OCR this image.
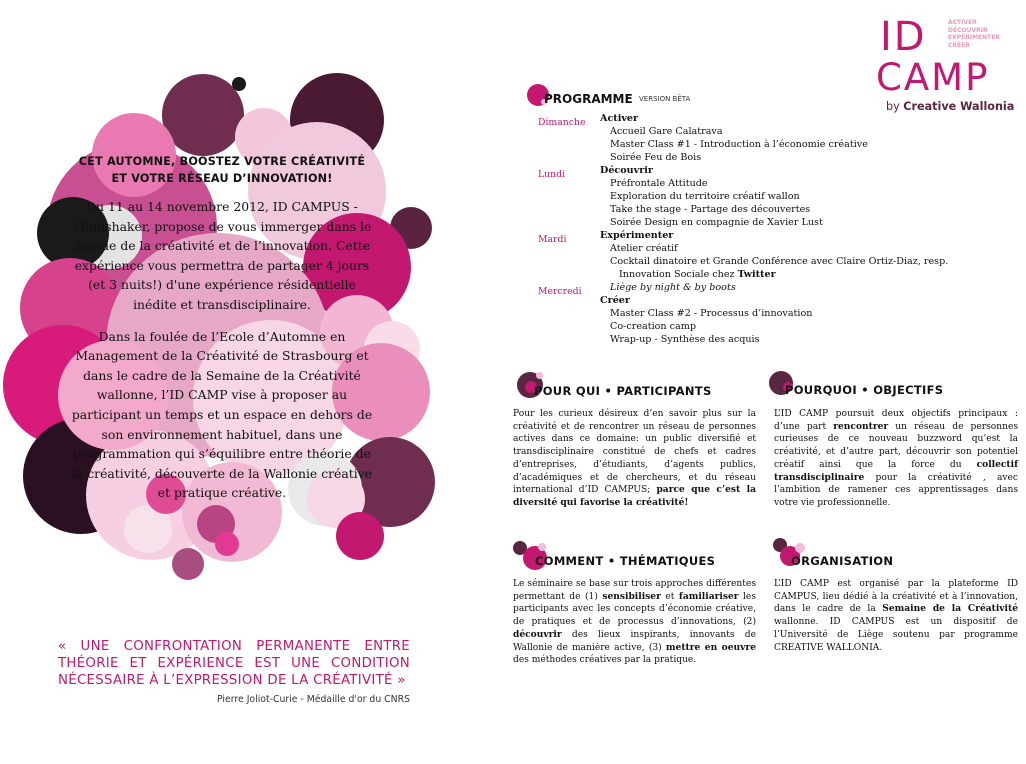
CET AUTOMNE, BOOSTEZ VOTRE CRÉATIVITÉ ET VOTRE RÉSEAU D’INNOVATION!

Du 11 au 14 novembre 2012, ID CAMPUS - Mindshaker, propose de vous immerger dans le monde de la créativité et de l’innovation. Cette expérience vous permettra de partager 4 jours (et 3 nuits!) d'une expérience résidentielle inédite et transdisciplinaire.

Dans la foulée de l’Ecole d’Automne en Management de la Créativité de Strasbourg et dans le cadre de la Semaine de la Créativité wallonne, l’ID CAMP vise à proposer au participant un temps et un espace en dehors de son environnement habituel, dans une programmation qui s’équilibre entre théorie de la créativité, découverte de la Wallonie créative et pratique créative.

« UNE CONFRONTATION PERMANENTE ENTRE THÉORIE ET EXPÉRIENCE EST UNE CONDITION NÉCESSAIRE À L’EXPRESSION DE LA CRÉATIVITÉ »
Pierre Joliot-Curie - Médaille d'or du CNRS
ID	ACTIVER
DÉCOUVRIR
EXPÉRIMENTER
CRÉER
CAMP
by Creative Wallonia
PROGRAMME VERSION BÊTA
Dimanche
Lundi
Mardi
Mercredi
Activer
Accueil Gare Calatrava
Master Class #1 - Introduction à l’économie créative
Soirée Feu de Bois
Découvrir
Préfrontale Attitude
Exploration du territoire créatif wallon
Take the stage - Partage des découvertes
Soirée Design en compagnie de Xavier Lust
Expérimenter
Atelier créatif
Cocktail dinatoire et Grande Conférence avec Claire Ortiz-Diaz, resp.
Innovation Sociale chez Twitter
Liège by night & by boots
Créer
Master Class #2 - Processus d’innovation
Co-creation camp
Wrap-up - Synthèse des acquis
POUR QUI • PARTICIPANTS
Pour les curieux désireux d’en savoir plus sur la créativité et de rencontrer un réseau de personnes actives dans ce domaine: un public diversifié et transdisciplinaire constitué de chefs et cadres d’entreprises, d’étudiants, d’agents publics, d’académiques et de chercheurs, et du réseau international d’ID CAMPUS; parce que c’est la diversité qui favorise la créativité!
POURQUOI • OBJECTIFS
L’ID CAMP poursuit deux objectifs principaux : d’une part rencontrer un réseau de personnes curieuses de ce nouveau buzzword qu’est la créativité, et d’autre part, découvrir son potentiel créatif ainsi que la force du collectif transdisciplinaire pour la créativité , avec l’ambition de ramener ces apprentissages dans votre vie professionnelle.
COMMENT • THÉMATIQUES
Le séminaire se base sur trois approches différentes permettant de (1) sensibiliser et familiariser les participants avec les concepts d’économie créative, de pratiques et de processus d’innovations, (2) découvrir des lieux inspirants, innovants de Wallonie de manière active, (3) mettre en oeuvre des méthodes créatives par la pratique.
ORGANISATION
L’ID CAMP est organisé par la plateforme ID CAMPUS, lieu dédié à la créativité et à l’innovation, dans le cadre de la Semaine de la Créativité wallonne. ID CAMPUS est un dispositif de l’Université de Liège soutenu par programme CREATIVE WALLONIA.
